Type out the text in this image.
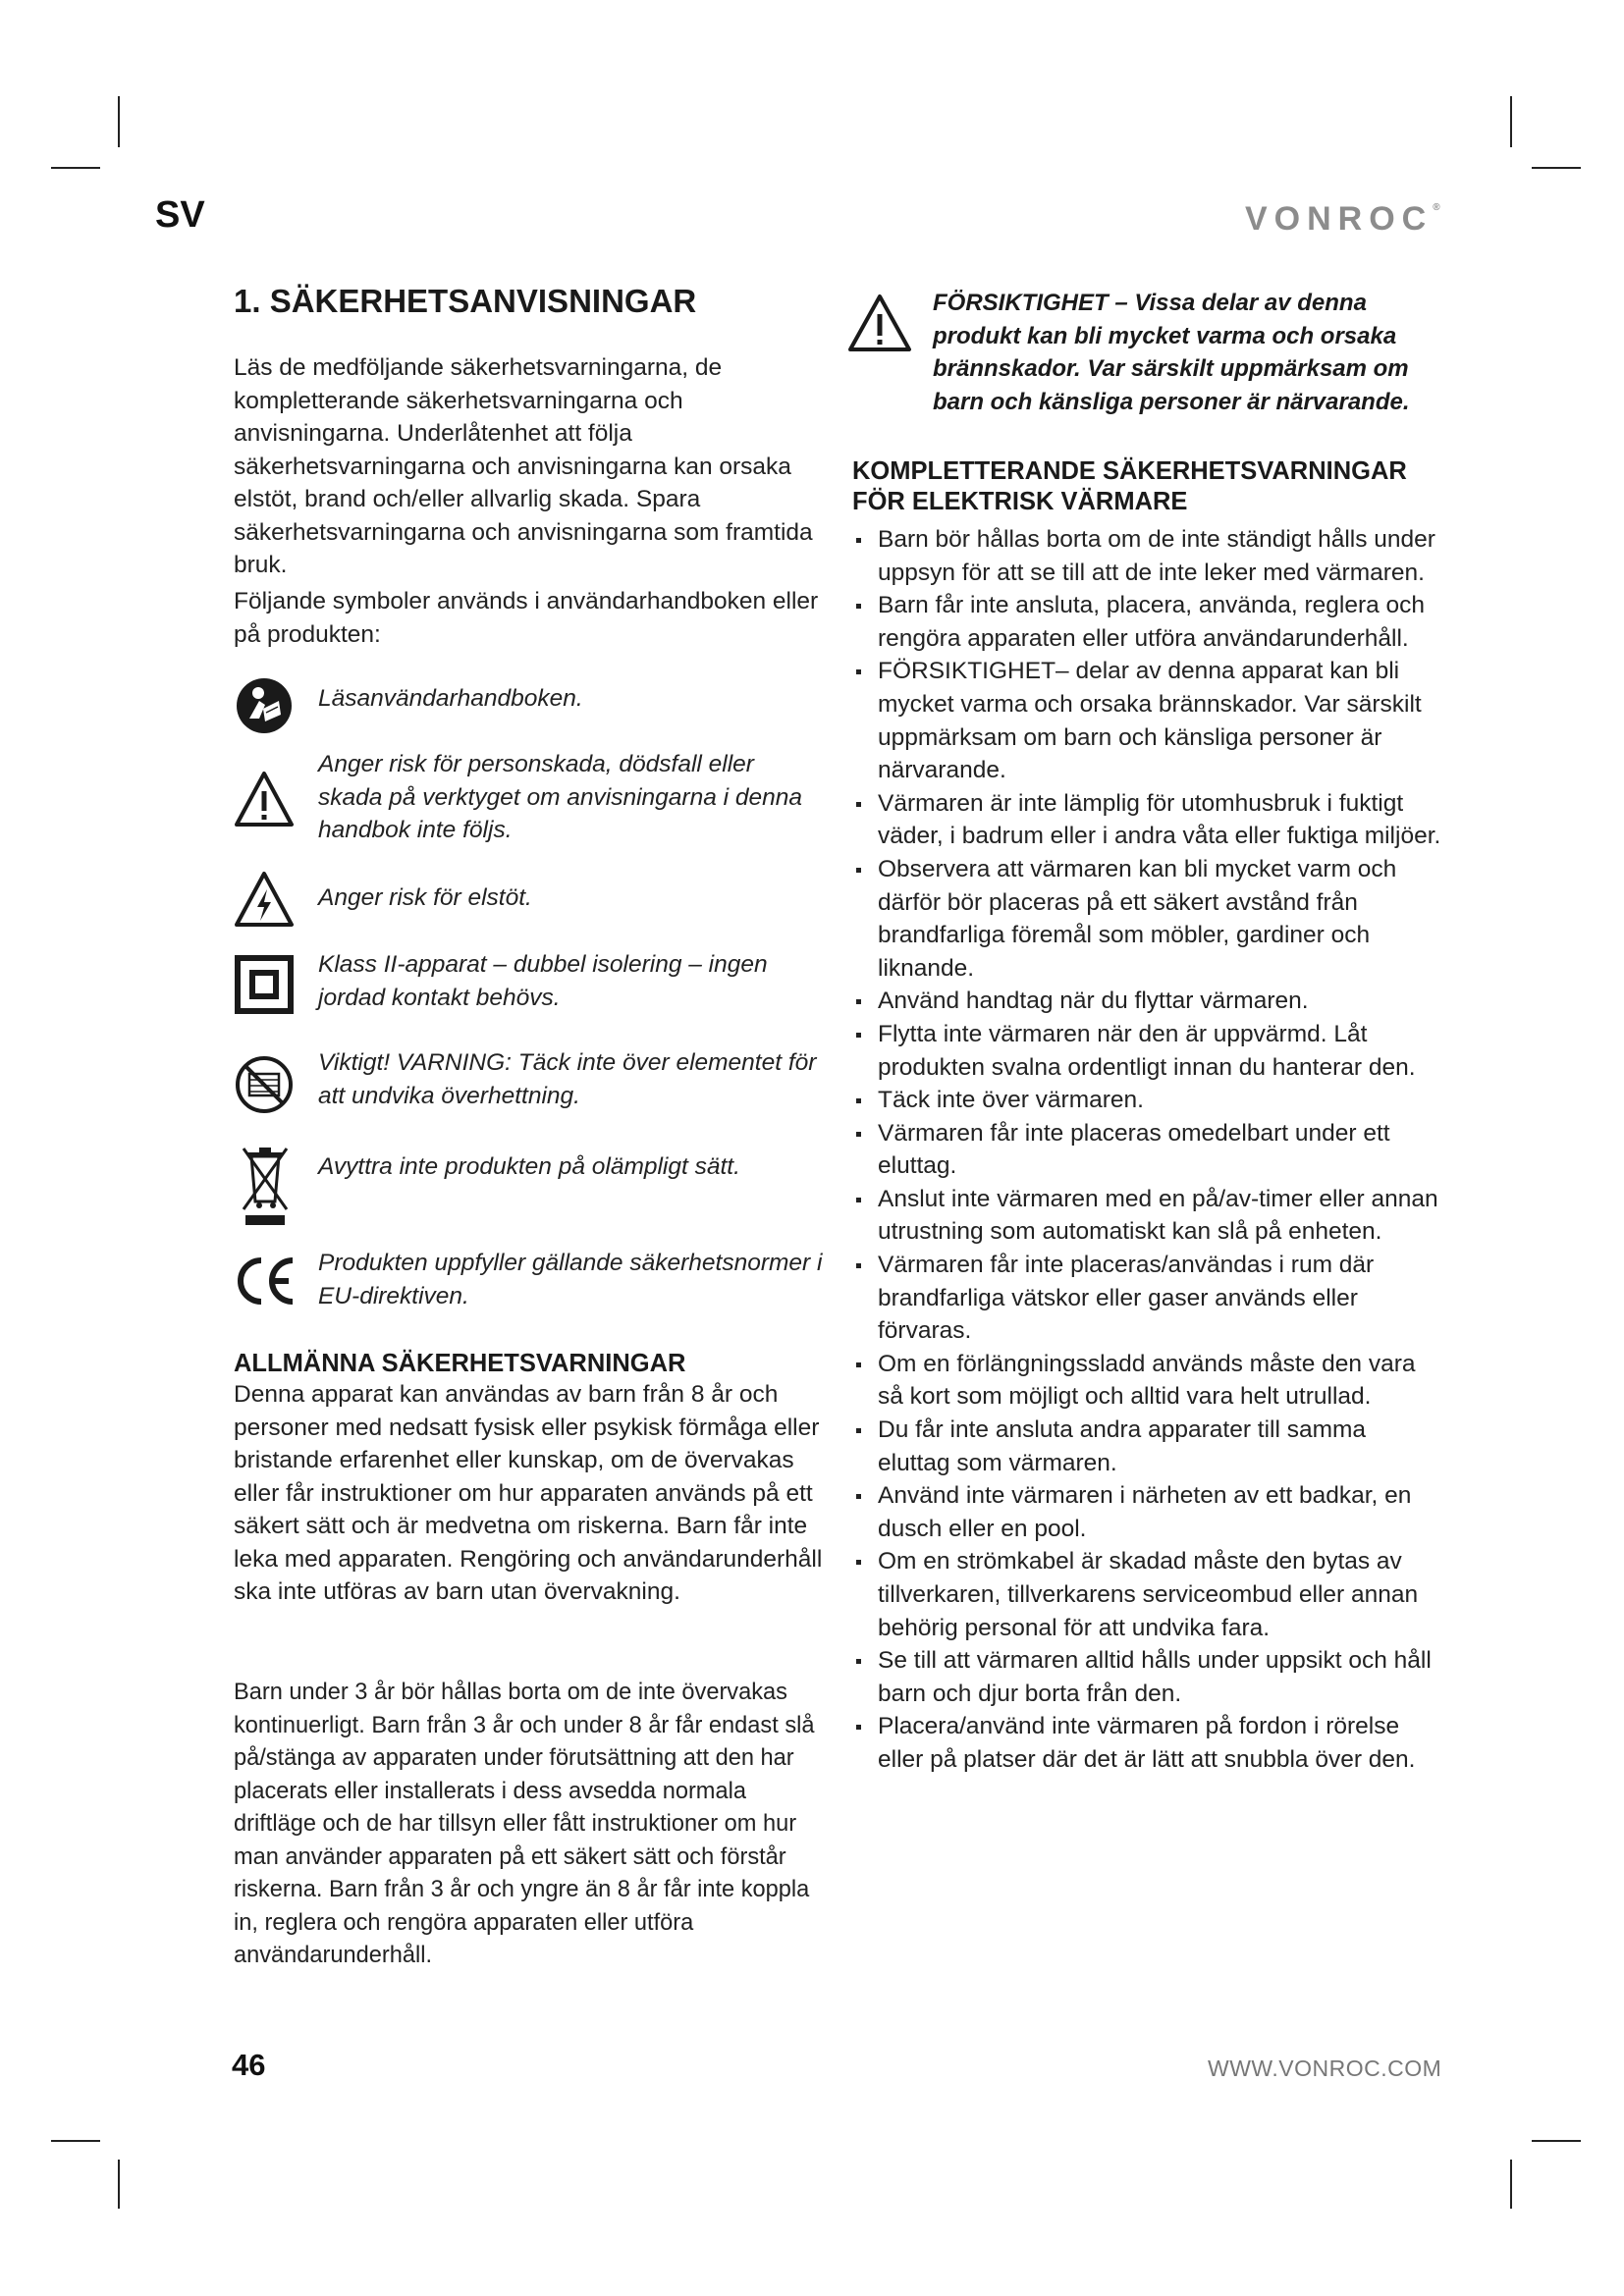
SV	VONROC®
1. SÄKERHETSANVISNINGAR

Läs de medföljande säkerhetsvarningarna, de kompletterande säkerhetsvarningarna och anvisningarna. Underlåtenhet att följa säkerhetsvarningarna och anvisningarna kan orsaka elstöt, brand och/eller allvarlig skada. Spara säkerhetsvarningarna och anvisningarna som framtida bruk.

Följande symboler används i användarhandboken eller på produkten:

Läsanvändarhandboken.
Anger risk för personskada, dödsfall eller skada på verktyget om anvisningarna i denna handbok inte följs.
Anger risk för elstöt.
Klass II-apparat – dubbel isolering – ingen jordad kontakt behövs.
Viktigt! VARNING: Täck inte över elementet för att undvika överhettning.
Avyttra inte produkten på olämpligt sätt.
Produkten uppfyller gällande säkerhetsnormer i EU-direktiven.
ALLMÄNNA SÄKERHETSVARNINGAR

Denna apparat kan användas av barn från 8 år och personer med nedsatt fysisk eller psykisk förmåga eller bristande erfarenhet eller kunskap, om de övervakas eller får instruktioner om hur apparaten används på ett säkert sätt och är medvetna om riskerna. Barn får inte leka med apparaten. Rengöring och användarunderhåll ska inte utföras av barn utan övervakning.

Barn under 3 år bör hållas borta om de inte övervakas kontinuerligt. Barn från 3 år och under 8 år får endast slå på/stänga av apparaten under förutsättning att den har placerats eller installerats i dess avsedda normala driftläge och de har tillsyn eller fått instruktioner om hur man använder apparaten på ett säkert sätt och förstår riskerna. Barn från 3 år och yngre än 8 år får inte koppla in, reglera och rengöra apparaten eller utföra användarunderhåll.

FÖRSIKTIGHET – Vissa delar av denna produkt kan bli mycket varma och orsaka brännskador. Var särskilt uppmärksam om barn och känsliga personer är närvarande.
KOMPLETTERANDE SÄKERHETSVARNINGAR FÖR ELEKTRISK VÄRMARE
Barn bör hållas borta om de inte ständigt hålls under uppsyn för att se till att de inte leker med värmaren.
Barn får inte ansluta, placera, använda, reglera och rengöra apparaten eller utföra användarunderhåll.
FÖRSIKTIGHET– delar av denna apparat kan bli mycket varma och orsaka brännskador. Var särskilt uppmärksam om barn och känsliga personer är närvarande.
Värmaren är inte lämplig för utomhusbruk i fuktigt väder, i badrum eller i andra våta eller fuktiga miljöer.
Observera att värmaren kan bli mycket varm och därför bör placeras på ett säkert avstånd från brandfarliga föremål som möbler, gardiner och liknande.
Använd handtag när du flyttar värmaren.
Flytta inte värmaren när den är uppvärmd. Låt produkten svalna ordentligt innan du hanterar den.
Täck inte över värmaren.
Värmaren får inte placeras omedelbart under ett eluttag.
Anslut inte värmaren med en på/av-timer eller annan utrustning som automatiskt kan slå på enheten.
Värmaren får inte placeras/användas i rum där brandfarliga vätskor eller gaser används eller förvaras.
Om en förlängningssladd används måste den vara så kort som möjligt och alltid vara helt utrullad.
Du får inte ansluta andra apparater till samma eluttag som värmaren.
Använd inte värmaren i närheten av ett badkar, en dusch eller en pool.
Om en strömkabel är skadad måste den bytas av tillverkaren, tillverkarens serviceombud eller annan behörig personal för att undvika fara.
Se till att värmaren alltid hålls under uppsikt och håll barn och djur borta från den.
Placera/använd inte värmaren på fordon i rörelse eller på platser där det är lätt att snubbla över den.
46	WWW.VONROC.COM
